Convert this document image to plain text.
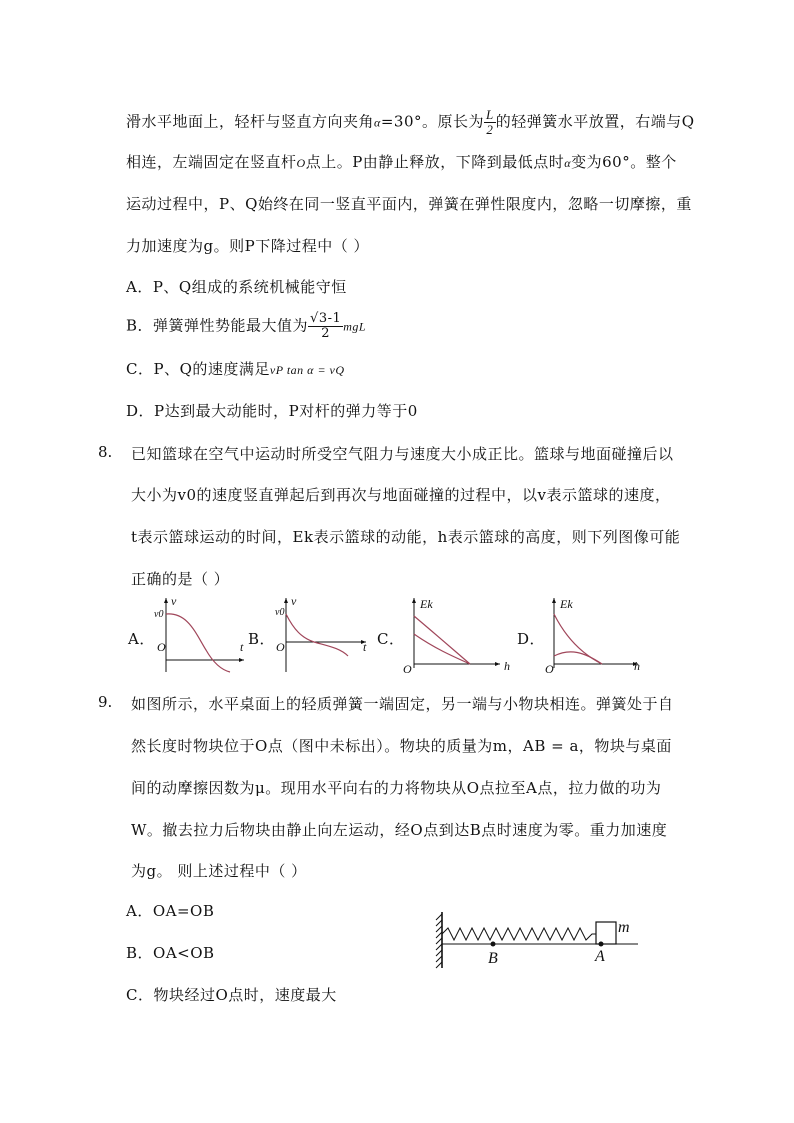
滑水平地面上，轻杆与竖直方向夹角α=30°。原长为 $\frac{L}{2}$ 的轻弹簧水平放置，右端与Q
相连，左端固定在竖直杆O点上。P由静止释放，下降到最低点时α变为60°。整个
运动过程中，P、Q始终在同一竖直平面内，弹簧在弹性限度内，忽略一切摩擦，重
力加速度为g。则P下降过程中（ ）
A．P、Q组成的系统机械能守恒
B．弹簧弹性势能最大值为 $\frac{√3-1}{2}$ mgL
C．P、Q的速度满足vP tan α = vQ
D．P达到最大动能时，P对杆的弹力等于0
8. 已知篮球在空气中运动时所受空气阻力与速度大小成正比。篮球与地面碰撞后以
大小为v0的速度竖直弹起后到再次与地面碰撞的过程中，以v表示篮球的速度，
t表示篮球运动的时间，Ek表示篮球的动能，h表示篮球的高度，则下列图像可能
正确的是（ ）
A．
v
v0
O	t B．
v
v0
O	t C．
Ek
O	h
D．
Ek
O	h
9. 如图所示，水平桌面上的轻质弹簧一端固定，另一端与小物块相连。弹簧处于自
然长度时物块位于O点（图中未标出）。物块的质量为m，AB = a，物块与桌面
间的动摩擦因数为μ。现用水平向右的力将物块从O点拉至A点，拉力做的功为
W。撤去拉力后物块由静止向左运动，经O点到达B点时速度为零。重力加速度
为g。 则上述过程中（ ）
A．OA=OB
B．OA<OB
C．物块经过O点时，速度最大
m
B	A
